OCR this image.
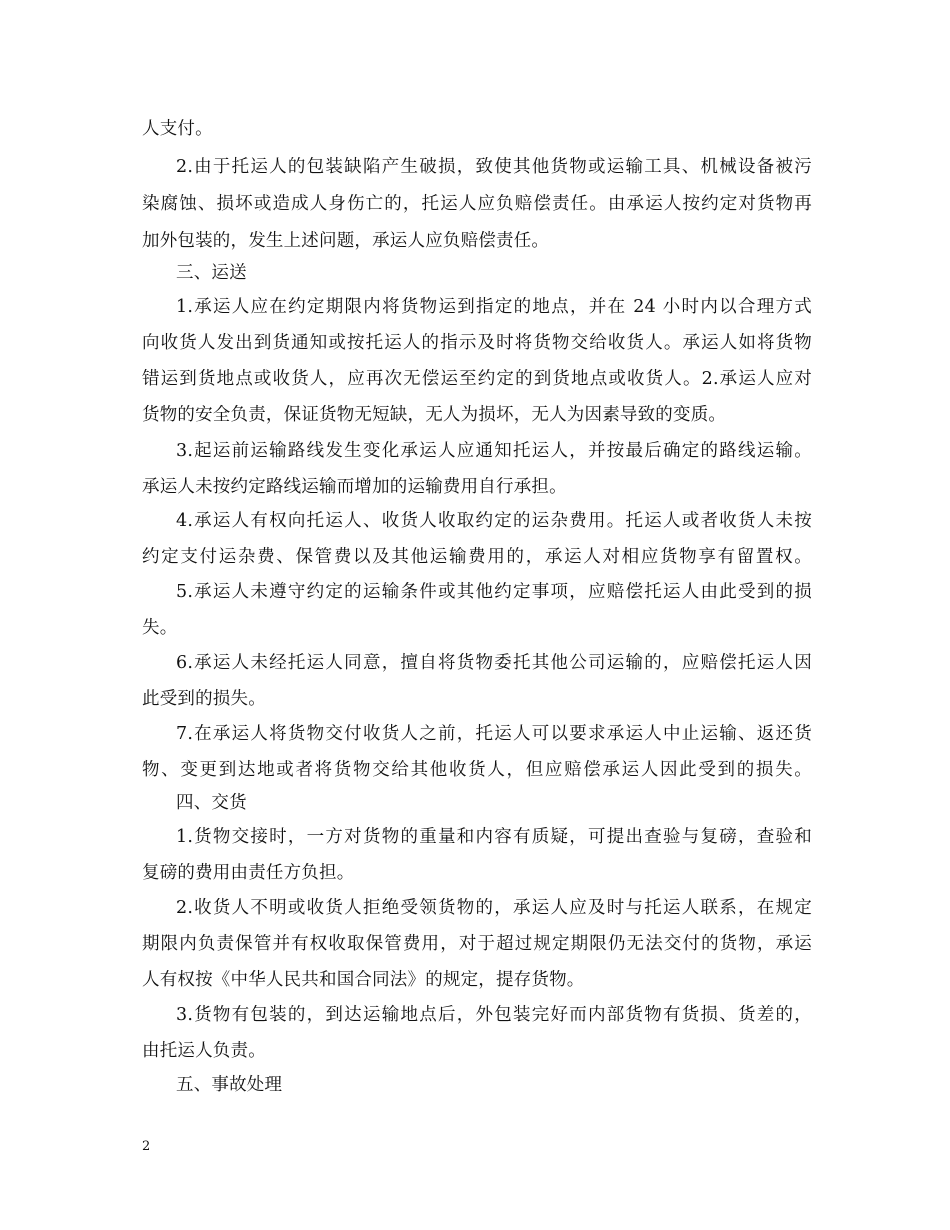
人支付。
2.由于托运人的包装缺陷产生破损，致使其他货物或运输工具、机械设备被污
染腐蚀、损坏或造成人身伤亡的，托运人应负赔偿责任。由承运人按约定对货物再
加外包装的，发生上述问题，承运人应负赔偿责任。
三、运送
1.承运人应在约定期限内将货物运到指定的地点，并在 24 小时内以合理方式
向收货人发出到货通知或按托运人的指示及时将货物交给收货人。承运人如将货物
错运到货地点或收货人，应再次无偿运至约定的到货地点或收货人。2.承运人应对
货物的安全负责，保证货物无短缺，无人为损坏，无人为因素导致的变质。
3.起运前运输路线发生变化承运人应通知托运人，并按最后确定的路线运输。
承运人未按约定路线运输而增加的运输费用自行承担。
4.承运人有权向托运人、收货人收取约定的运杂费用。托运人或者收货人未按
约定支付运杂费、保管费以及其他运输费用的，承运人对相应货物享有留置权。
5.承运人未遵守约定的运输条件或其他约定事项，应赔偿托运人由此受到的损
失。
6.承运人未经托运人同意，擅自将货物委托其他公司运输的，应赔偿托运人因
此受到的损失。
7.在承运人将货物交付收货人之前，托运人可以要求承运人中止运输、返还货
物、变更到达地或者将货物交给其他收货人，但应赔偿承运人因此受到的损失。
四、交货
1.货物交接时，一方对货物的重量和内容有质疑，可提出查验与复磅，查验和
复磅的费用由责任方负担。
2.收货人不明或收货人拒绝受领货物的，承运人应及时与托运人联系，在规定
期限内负责保管并有权收取保管费用，对于超过规定期限仍无法交付的货物，承运
人有权按《中华人民共和国合同法》的规定，提存货物。
3.货物有包装的，到达运输地点后，外包装完好而内部货物有货损、货差的，
由托运人负责。
五、事故处理
2
